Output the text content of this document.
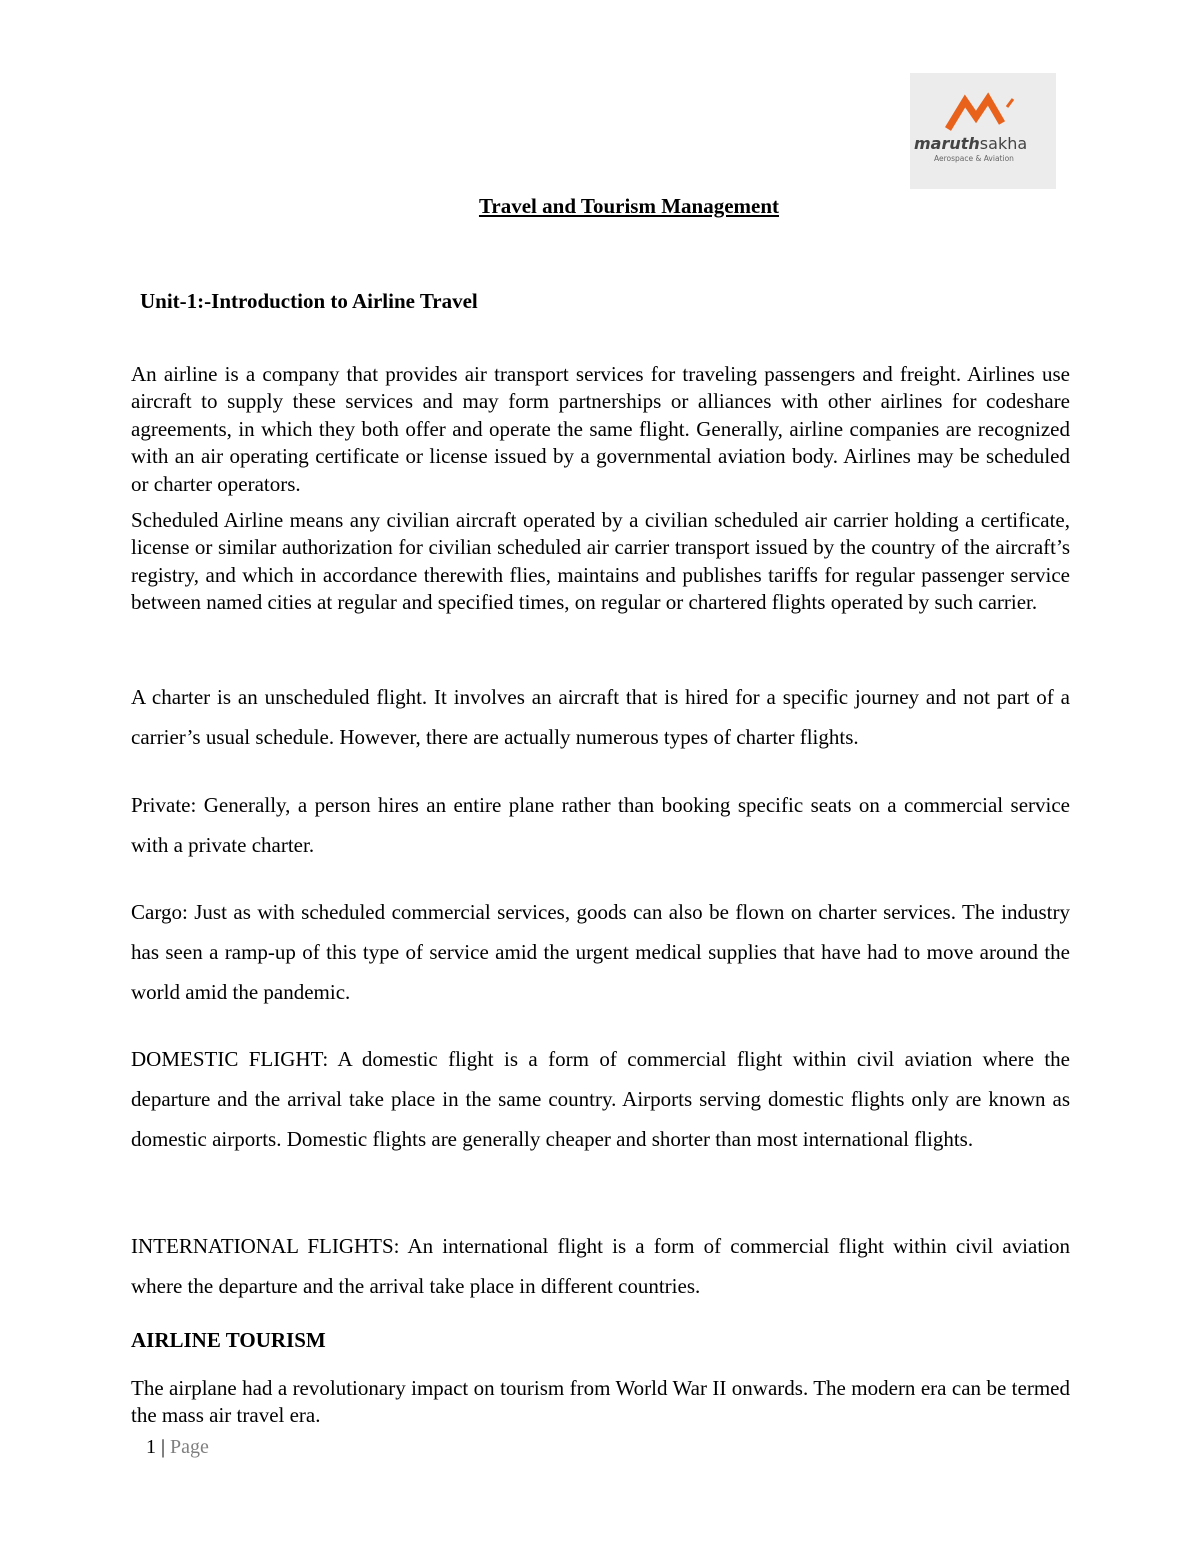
maruthsakha
Aerospace & Aviation
Travel and Tourism Management
Unit-1:-Introduction to Airline Travel

An airline is a company that provides air transport services for traveling passengers and freight. Airlines use aircraft to supply these services and may form partnerships or alliances with other airlines for codeshare agreements, in which they both offer and operate the same flight. Generally, airline companies are recognized with an air operating certificate or license issued by a governmental aviation body. Airlines may be scheduled or charter operators.

Scheduled Airline means any civilian aircraft operated by a civilian scheduled air carrier holding a certificate, license or similar authorization for civilian scheduled air carrier transport issued by the country of the aircraft’s registry, and which in accordance therewith flies, maintains and publishes tariffs for regular passenger service between named cities at regular and specified times, on regular or chartered flights operated by such carrier.

A charter is an unscheduled flight. It involves an aircraft that is hired for a specific journey and not part of a carrier’s usual schedule. However, there are actually numerous types of charter flights.

Private: Generally, a person hires an entire plane rather than booking specific seats on a commercial service with a private charter.

Cargo: Just as with scheduled commercial services, goods can also be flown on charter services. The industry has seen a ramp-up of this type of service amid the urgent medical supplies that have had to move around the world amid the pandemic.

DOMESTIC FLIGHT: A domestic flight is a form of commercial flight within civil aviation where the departure and the arrival take place in the same country. Airports serving domestic flights only are known as domestic airports. Domestic flights are generally cheaper and shorter than most international flights.

INTERNATIONAL FLIGHTS: An international flight is a form of commercial flight within civil aviation where the departure and the arrival take place in different countries.

AIRLINE TOURISM

The airplane had a revolutionary impact on tourism from World War II onwards. The modern era can be termed the mass air travel era.

1 | Page
